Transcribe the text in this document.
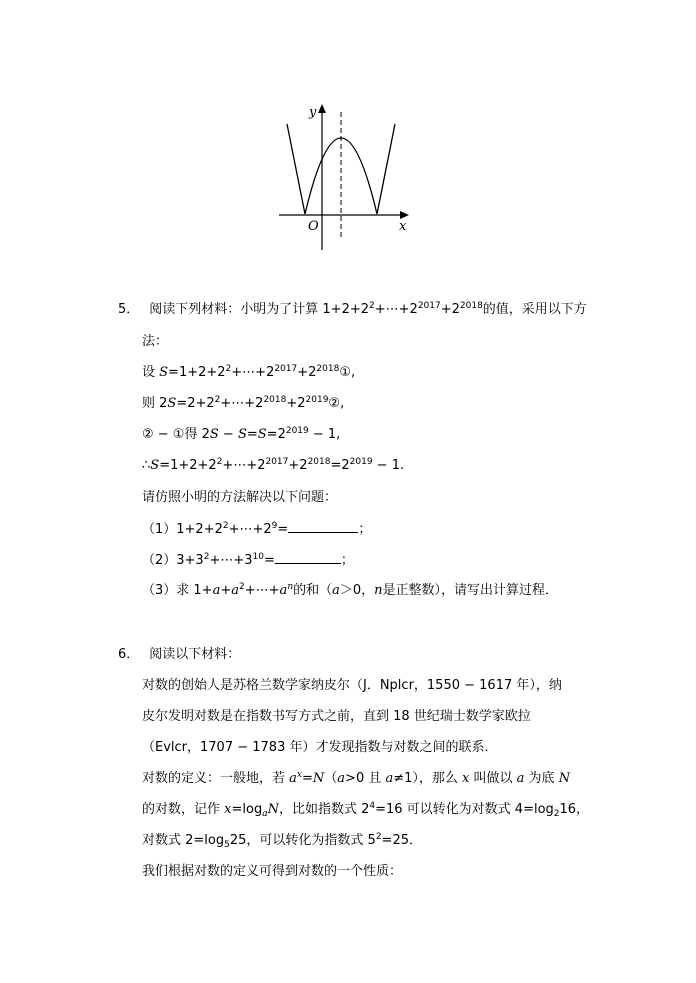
y
x
O
5． 阅读下列材料：小明为了计算 $1+2+2^2+\cdots+2^{2017}+2^{2018}$的值，采用以下方
法：
设 $S=1+2+2^2+\cdots+2^{2017}+2^{2018}①$,
则 $2S=2+2^2+\cdots+2^{2018}+2^{2019}②$,
② − ①得 $2S - S=S=2^{2019} - 1$,
$\therefore S=1+2+2^2+\cdots+2^{2017}+2^{2018}=2^{2019} - 1$.
请仿照小明的方法解决以下问题：
$(1)1+2+2^2+\cdots+2^9=$	；
$(2)3+3^2+\cdots+3^{10}=$	；
（3）求 $1+a+a^2+\cdots+a^n$的和（a＞0，n是正整数），请写出计算过程．
6． 阅读以下材料：
对数的创始人是苏格兰数学家纳皮尔（J．Nplcr，1550 − 1617 年），纳
皮尔发明对数是在指数书写方式之前，直到 18 世纪瑞士数学家欧拉
（Evlcr，1707 − 1783 年）才发现指数与对数之间的联系．
对数的定义：一般地，若 $a^x=N(a>0$ 且 a≠1），那么 x 叫做以 a 为底 N
的对数，记作 $x=\log_aN$，比如指数式 $2^4=16$ 可以转化为对数式 $4=\log_216$，
对数式 $2=\log_525$，可以转化为指数式 $5^2=25$．
我们根据对数的定义可得到对数的一个性质：
